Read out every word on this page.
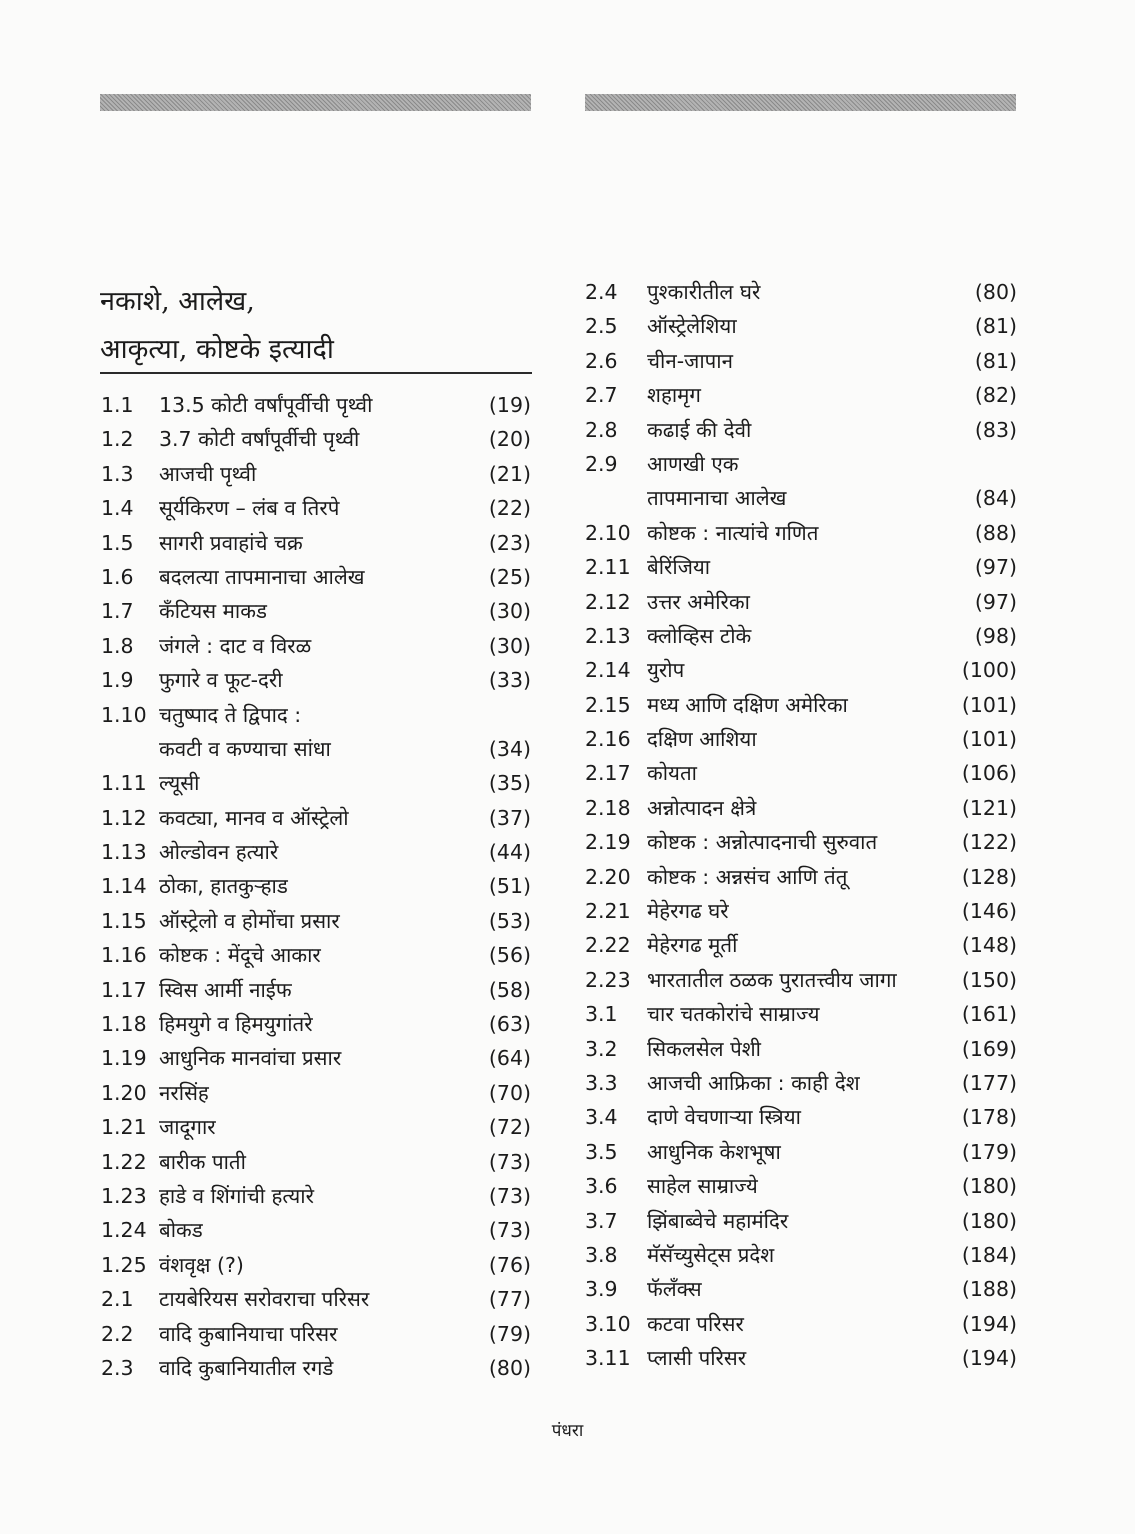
नकाशे, आलेख,
आकृत्या, कोष्टके इत्यादी
1.1 13.5 कोटी वर्षांपूर्वीची पृथ्वी	(19)
1.2 3.7 कोटी वर्षांपूर्वीची पृथ्वी	(20)
1.3 आजची पृथ्वी	(21)
1.4 सूर्यकिरण – लंब व तिरपे	(22)
1.5 सागरी प्रवाहांचे चक्र	(23)
1.6 बदलत्या तापमानाचा आलेख	(25)
1.7 कँटियस माकड	(30)
1.8 जंगले : दाट व विरळ	(30)
1.9 फुगारे व फूट-दरी	(33)
1.10 चतुष्पाद ते द्विपाद :
कवटी व कण्याचा सांधा	(34)
1.11 ल्यूसी	(35)
1.12 कवट्या, मानव व ऑस्ट्रेलो	(37)
1.13 ओल्डोवन हत्यारे	(44)
1.14 ठोका, हातकुऱ्हाड	(51)
1.15 ऑस्ट्रेलो व होमोंचा प्रसार	(53)
1.16 कोष्टक : मेंदूचे आकार	(56)
1.17 स्विस आर्मी नाईफ	(58)
1.18 हिमयुगे व हिमयुगांतरे	(63)
1.19 आधुनिक मानवांचा प्रसार	(64)
1.20 नरसिंह	(70)
1.21 जादूगार	(72)
1.22 बारीक पाती	(73)
1.23 हाडे व शिंगांची हत्यारे	(73)
1.24 बोकड	(73)
1.25 वंशवृक्ष (?)	(76)
2.1 टायबेरियस सरोवराचा परिसर	(77)
2.2 वादि कुबानियाचा परिसर	(79)
2.3 वादि कुबानियातील रगडे	(80)
2.4 पुश्कारीतील घरे	(80)
2.5 ऑस्ट्रेलेशिया	(81)
2.6 चीन-जापान	(81)
2.7 शहामृग	(82)
2.8 कढाई की देवी	(83)
2.9 आणखी एक
तापमानाचा आलेख	(84)
2.10 कोष्टक : नात्यांचे गणित	(88)
2.11 बेरिंजिया	(97)
2.12 उत्तर अमेरिका	(97)
2.13 क्लोव्हिस टोके	(98)
2.14 युरोप	(100)
2.15 मध्य आणि दक्षिण अमेरिका	(101)
2.16 दक्षिण आशिया	(101)
2.17 कोयता	(106)
2.18 अन्नोत्पादन क्षेत्रे	(121)
2.19 कोष्टक : अन्नोत्पादनाची सुरुवात	(122)
2.20 कोष्टक : अन्नसंच आणि तंतू	(128)
2.21 मेहेरगढ घरे	(146)
2.22 मेहेरगढ मूर्ती	(148)
2.23 भारतातील ठळक पुरातत्त्वीय जागा	(150)
3.1 चार चतकोरांचे साम्राज्य	(161)
3.2 सिकलसेल पेशी	(169)
3.3 आजची आफ्रिका : काही देश	(177)
3.4 दाणे वेचणाऱ्या स्त्रिया	(178)
3.5 आधुनिक केशभूषा	(179)
3.6 साहेल साम्राज्ये	(180)
3.7 झिंबाब्वेचे महामंदिर	(180)
3.8 मॅसॅच्युसेट्स प्रदेश	(184)
3.9 फॅलँक्स	(188)
3.10 कटवा परिसर	(194)
3.11 प्लासी परिसर	(194)
पंधरा
